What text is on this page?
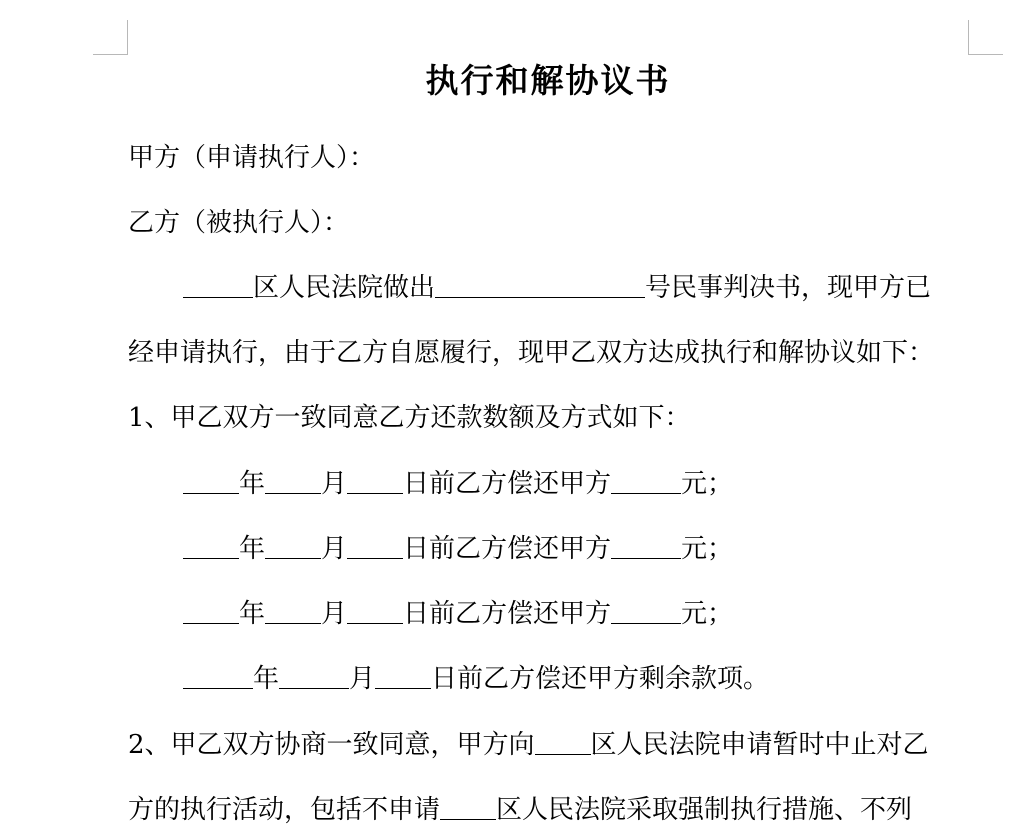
执行和解协议书
甲方（申请执行人）：
乙方（被执行人）：
区人民法院做出	号民事判决书，现甲方已
经申请执行，由于乙方自愿履行，现甲乙双方达成执行和解协议如下：
1、甲乙双方一致同意乙方还款数额及方式如下：
年 月 日前乙方偿还甲方	元；
年 月 日前乙方偿还甲方	元；
年 月 日前乙方偿还甲方	元；
年	月 日前乙方偿还甲方剩余款项。
2、甲乙双方协商一致同意，甲方向 区人民法院申请暂时中止对乙
方的执行活动，包括不申请 区人民法院采取强制执行措施、不列
